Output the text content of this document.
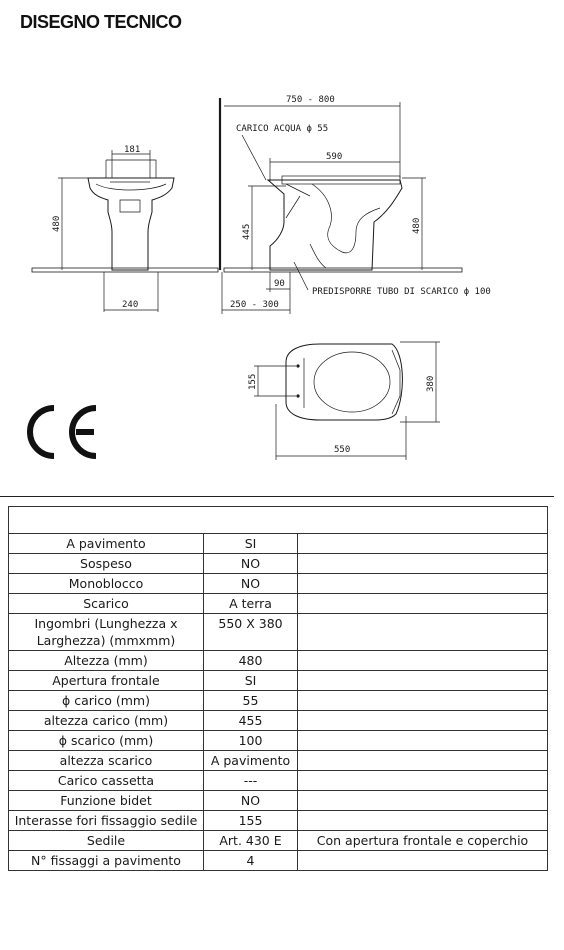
DISEGNO TECNICO
181
480
240
750 - 800
CARICO ACQUA ϕ 55
590
445	480
250 - 300
90
PREDISPORRE TUBO DI SCARICO ϕ 100
155	380
550

A pavimento	SI	
Sospeso	NO	
Monoblocco	NO	
Scarico	A terra	
Ingombri (Lunghezza x Larghezza) (mmxmm)	550 X 380	
Altezza (mm)	480	
Apertura frontale	SI	
ϕ carico (mm)	55	
altezza carico (mm)	455	
ϕ scarico (mm)	100	
altezza scarico	A pavimento	
Carico cassetta	---	
Funzione bidet	NO	
Interasse fori fissaggio sedile	155	
Sedile	Art. 430 E	Con apertura frontale e coperchio
N° fissaggi a pavimento	4	
